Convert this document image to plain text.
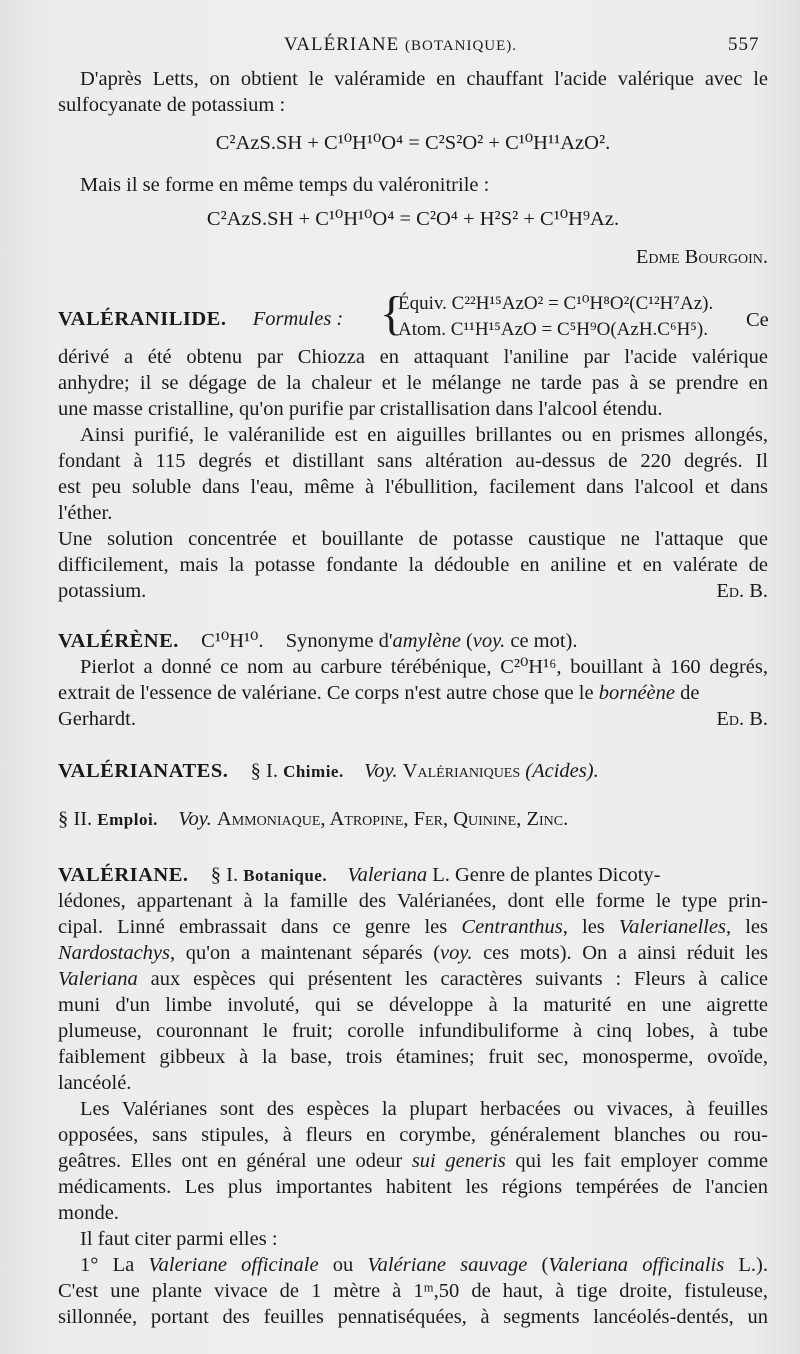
VALÉRIANE (BOTANIQUE).	557
D'après Letts, on obtient le valéramide en chauffant l'acide valérique avec le
sulfocyanate de potassium :
C²AzS.SH + C¹⁰H¹⁰O⁴ = C²S²O² + C¹⁰H¹¹AzO².
Mais il se forme en même temps du valéronitrile :
C²AzS.SH + C¹⁰H¹⁰O⁴ = C²O⁴ + H²S² + C¹⁰H⁹Az.
Edme Bourgoin.
VALÉRANILIDE. Formules : {
Équiv. C²²H¹⁵AzO² = C¹⁰H⁸O²(C¹²H⁷Az).
Atom. C¹¹H¹⁵AzO = C⁵H⁹O(AzH.C⁶H⁵). Ce
dérivé a été obtenu par Chiozza en attaquant l'aniline par l'acide valérique
anhydre; il se dégage de la chaleur et le mélange ne tarde pas à se prendre en
une masse cristalline, qu'on purifie par cristallisation dans l'alcool étendu.
Ainsi purifié, le valéranilide est en aiguilles brillantes ou en prismes allongés,
fondant à 115 degrés et distillant sans altération au-dessus de 220 degrés. Il
est peu soluble dans l'eau, même à l'ébullition, facilement dans l'alcool et dans
l'éther.
Une solution concentrée et bouillante de potasse caustique ne l'attaque que
difficilement, mais la potasse fondante la dédouble en aniline et en valérate de
potassium.	Ed. B.
VALÉRÈNE. C¹⁰H¹⁰. Synonyme d'amylène (voy. ce mot).
Pierlot a donné ce nom au carbure térébénique, C²⁰H¹⁶, bouillant à 160 degrés,
extrait de l'essence de valériane. Ce corps n'est autre chose que le bornéène de
Gerhardt.	Ed. B.
VALÉRIANATES. § I. Chimie. Voy. Valérianiques (Acides).
§ II. Emploi. Voy. Ammoniaque, Atropine, Fer, Quinine, Zinc.
VALÉRIANE. § I. Botanique. Valeriana L. Genre de plantes Dicoty-
lédones, appartenant à la famille des Valérianées, dont elle forme le type prin-
cipal. Linné embrassait dans ce genre les Centranthus, les Valerianelles, les
Nardostachys, qu'on a maintenant séparés (voy. ces mots). On a ainsi réduit les
Valeriana aux espèces qui présentent les caractères suivants : Fleurs à calice
muni d'un limbe involuté, qui se développe à la maturité en une aigrette
plumeuse, couronnant le fruit; corolle infundibuliforme à cinq lobes, à tube
faiblement gibbeux à la base, trois étamines; fruit sec, monosperme, ovoïde,
lancéolé.
Les Valérianes sont des espèces la plupart herbacées ou vivaces, à feuilles
opposées, sans stipules, à fleurs en corymbe, généralement blanches ou rou-
geâtres. Elles ont en général une odeur sui generis qui les fait employer comme
médicaments. Les plus importantes habitent les régions tempérées de l'ancien
monde.
Il faut citer parmi elles :
1° La Valeriane officinale ou Valériane sauvage (Valeriana officinalis L.).
C'est une plante vivace de 1 mètre à 1ᵐ,50 de haut, à tige droite, fistuleuse,
sillonnée, portant des feuilles pennatiséquées, à segments lancéolés-dentés, un
